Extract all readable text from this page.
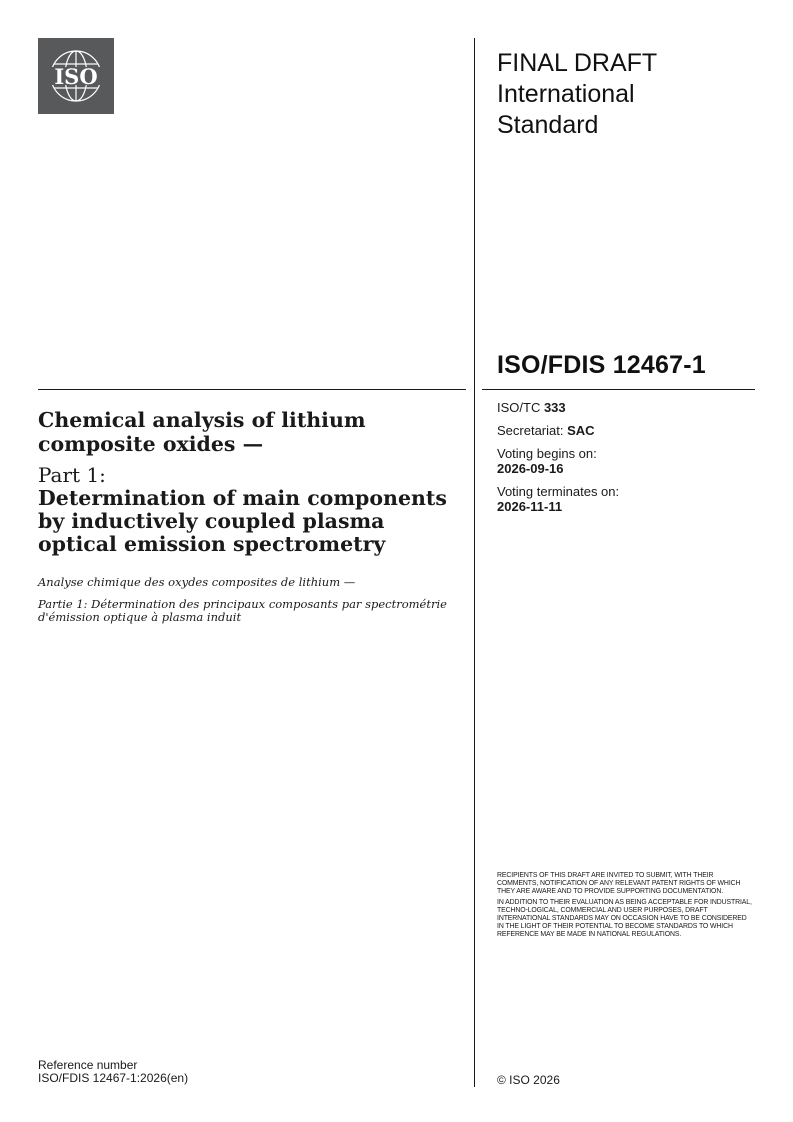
ISO	FINAL DRAFT
International
Standard
ISO/FDIS 12467-1
ISO/TC 333
Secretariat: SAC
Voting begins on:
2026-09-16
Voting terminates on:
2026-11-11

Chemical analysis of lithium composite oxides —

Part 1:

Determination of main components by inductively coupled plasma optical emission spectrometry

Analyse chimique des oxydes composites de lithium —

Partie 1: Détermination des principaux composants par spectrométrie d'émission optique à plasma induit

RECIPIENTS OF THIS DRAFT ARE INVITED TO SUBMIT, WITH THEIR COMMENTS, NOTIFICATION OF ANY RELEVANT PATENT RIGHTS OF WHICH THEY ARE AWARE AND TO PROVIDE SUPPORTING DOCUMENTATION.

IN ADDITION TO THEIR EVALUATION AS BEING ACCEPTABLE FOR INDUSTRIAL, TECHNO-LOGICAL, COMMERCIAL AND USER PURPOSES, DRAFT INTERNATIONAL STANDARDS MAY ON OCCASION HAVE TO BE CONSIDERED IN THE LIGHT OF THEIR POTENTIAL TO BECOME STANDARDS TO WHICH REFERENCE MAY BE MADE IN NATIONAL REGULATIONS.

Reference number
ISO/FDIS 12467-1:2026(en)	© ISO 2026
